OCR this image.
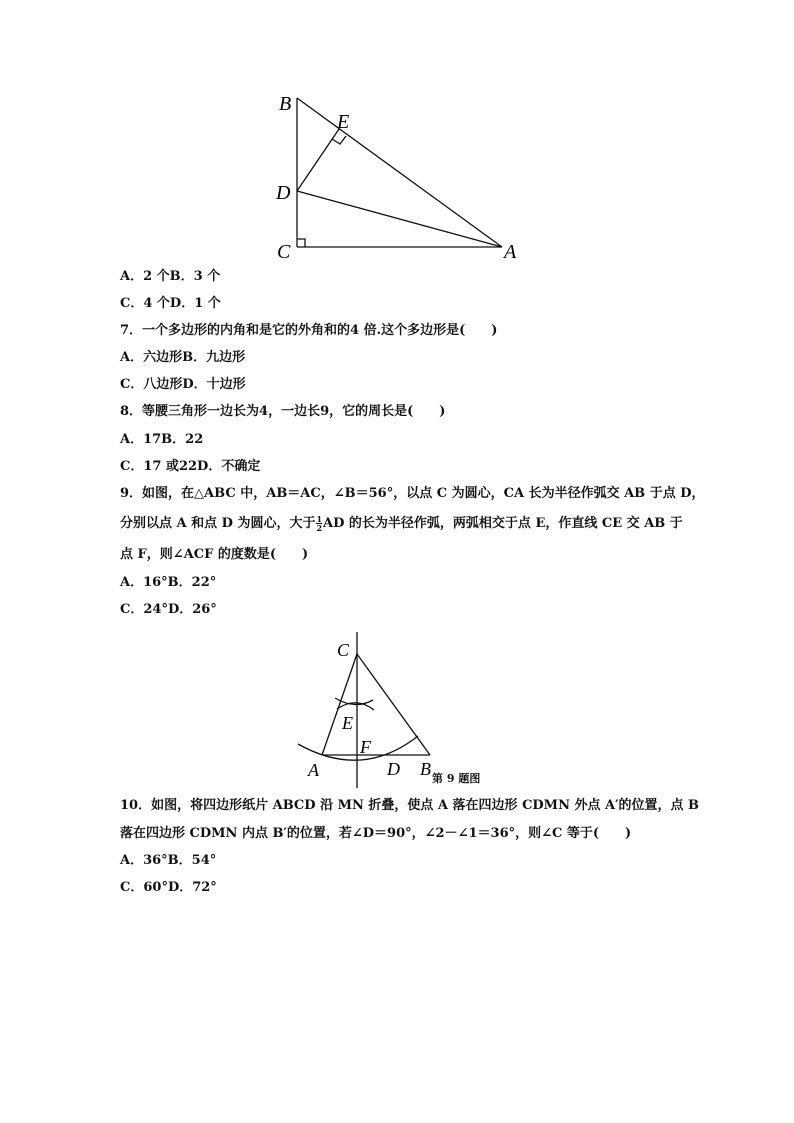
B
E
D
C	A
A．2 个B．3 个
C．4 个D．1 个
7．一个多边形的内角和是它的外角和的4 倍.这个多边形是(　　)
A．六边形B．九边形
C．八边形D．十边形
8．等腰三角形一边长为4，一边长9，它的周长是(　　)
A．17B．22
C．17 或22D．不确定
9．如图，在△ABC 中，AB＝AC，∠B＝56°，以点 C 为圆心，CA 长为半径作弧交 AB 于点 D，
分别以点 A 和点 D 为圆心，大于 $\frac{1}{2}$ AD 的长为半径作弧，两弧相交于点 E，作直线 CE 交 AB 于
点 F，则∠ACF 的度数是(　　)
A．16°B．22°
C．24°D．26°
C
E
F
A	D B 第 9 题图
10．如图，将四边形纸片 ABCD 沿 MN 折叠，使点 A 落在四边形 CDMN 外点 A′的位置，点 B
落在四边形 CDMN 内点 B′的位置，若∠D＝90°，∠2－∠1＝36°，则∠C 等于(　　)
A．36°B．54°
C．60°D．72°
